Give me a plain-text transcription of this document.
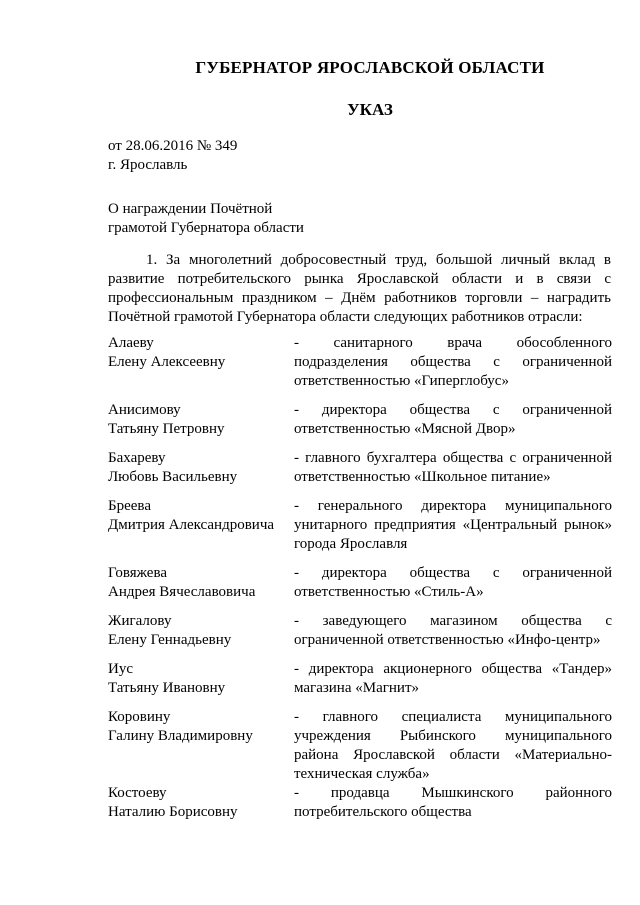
ГУБЕРНАТОР ЯРОСЛАВСКОЙ ОБЛАСТИ
УКАЗ
от 28.06.2016 № 349
г. Ярославль
О награждении Почётной
грамотой Губернатора области
1. За многолетний добросовестный труд, большой личный вклад в
развитие потребительского рынка Ярославской области и в связи с
профессиональным праздником – Днём работников торговли – наградить
Почётной грамотой Губернатора области следующих работников отрасли:
Алаеву
Елену Алексеевну
- санитарного врача обособленного
подразделения общества с ограниченной
ответственностью «Гиперглобус»
Анисимову
Татьяну Петровну
- директора общества с ограниченной
ответственностью «Мясной Двор»
Бахареву
Любовь Васильевну
- главного бухгалтера общества с ограниченной
ответственностью «Школьное питание»
Бреева
Дмитрия Александровича
- генерального директора муниципального
унитарного предприятия «Центральный рынок»
города Ярославля
Говяжева
Андрея Вячеславовича
- директора общества с ограниченной
ответственностью «Стиль-А»
Жигалову
Елену Геннадьевну
- заведующего магазином общества с
ограниченной ответственностью «Инфо-центр»
Иус
Татьяну Ивановну
- директора акционерного общества «Тандер»
магазина «Магнит»
Коровину
Галину Владимировну
- главного специалиста муниципального
учреждения Рыбинского муниципального
района Ярославской области «Материально-
техническая служба»
Костоеву
Наталию Борисовну
- продавца Мышкинского районного
потребительского общества
